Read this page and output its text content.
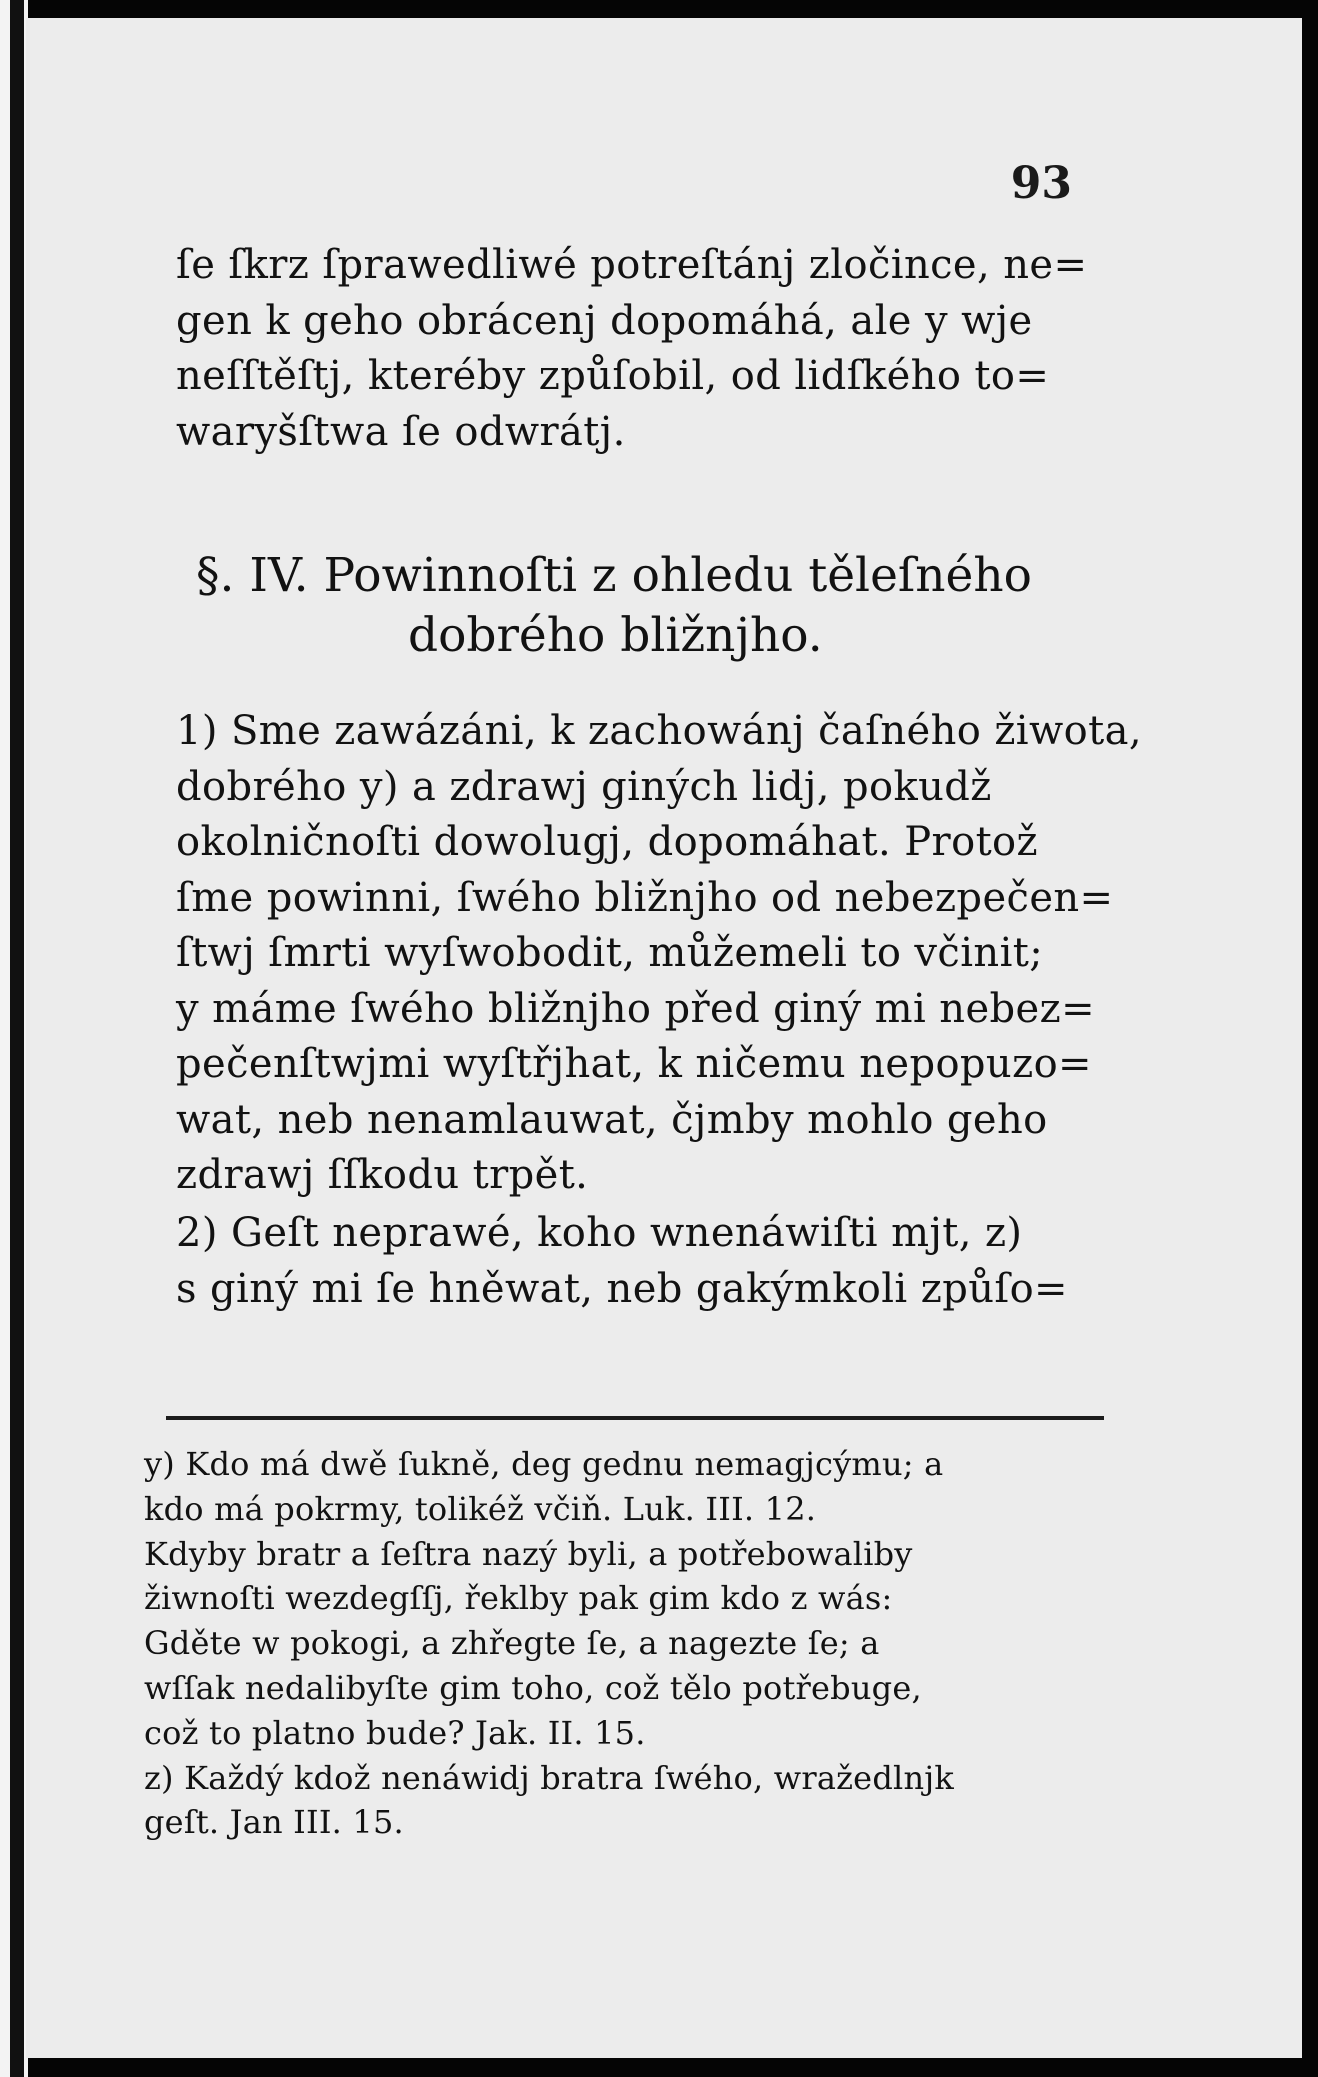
93
ſe ſkrz ſprawedliwé potreſtánj zločince, ne=
gen k geho obrácenj dopomáhá, ale y wje
neſſtěſtj, kteréby způſobil, od lidſkého to=
waryšſtwa ſe odwrátj.
§. IV. Powinnoſti z ohledu těleſného
dobrého bližnjho.
1) Sme zawázáni, k zachowánj čaſného žiwota,
dobrého y) a zdrawj giných lidj, pokudž
okolničnoſti dowolugj, dopomáhat. Protož
ſme powinni, ſwého bližnjho od nebezpečen=
ſtwj ſmrti wyſwobodit, můžemeli to včinit;
y máme ſwého bližnjho před giný mi nebez=
pečenſtwjmi wyſtřjhat, k ničemu nepopuzo=
wat, neb nenamlauwat, čjmby mohlo geho
zdrawj ſſkodu trpět.
2) Geſt neprawé, koho wnenáwiſti mjt, z)
s giný mi ſe hněwat, neb gakýmkoli způſo=
y) Kdo má dwě ſukně, deg gednu nemagjcýmu; a
kdo má pokrmy, tolikéž včiň. Luk. III. 12.
Kdyby bratr a ſeſtra nazý byli, a potřebowaliby
žiwnoſti wezdegſſj, řeklby pak gim kdo z wás:
Gděte w pokogi, a zhřegte ſe, a nagezte ſe; a
wſſak nedalibyſte gim toho, což tělo potřebuge,
což to platno bude? Jak. II. 15.
z) Každý kdož nenáwidj bratra ſwého, wražedlnjk
geſt. Jan III. 15.
